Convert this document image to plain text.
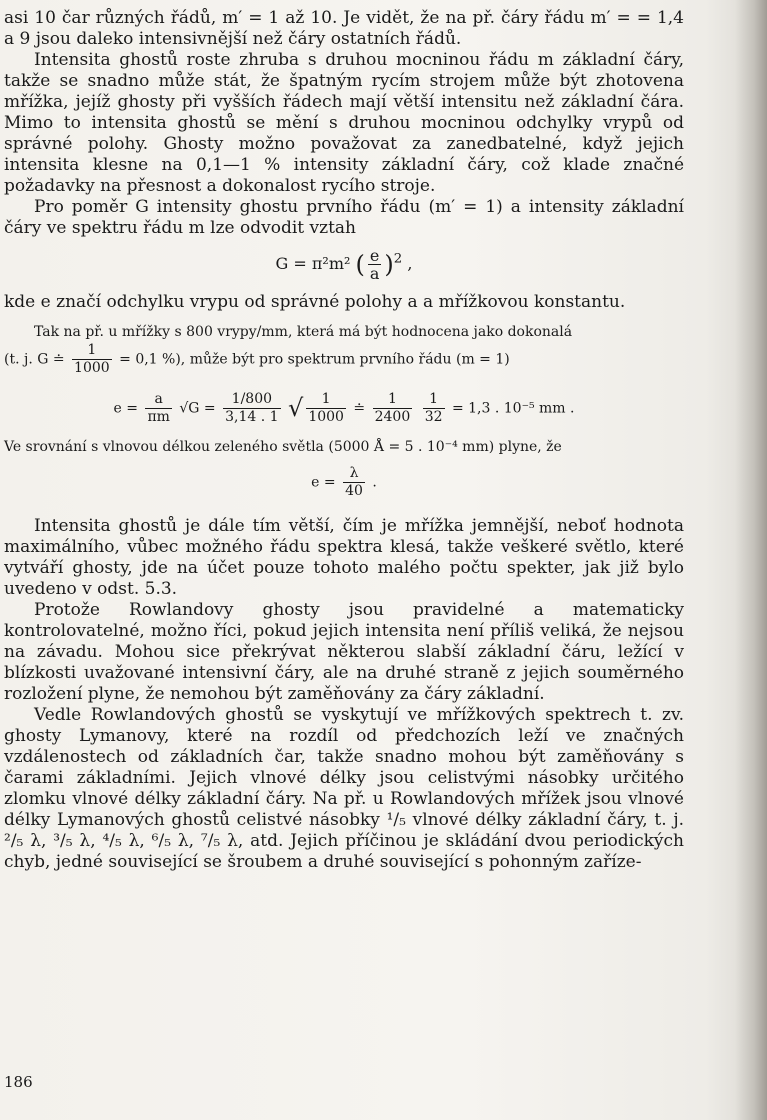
asi 10 čar různých řádů, m′ = 1 až 10. Je vidět, že na př. čáry řádu m′ = = 1,4 a 9 jsou daleko intensivnější než čáry ostatních řádů.

Intensita ghostů roste zhruba s druhou mocninou řádu m základní čáry, takže se snadno může stát, že špatným rycím strojem může být zhotovena mřížka, jejíž ghosty při vyšších řádech mají větší intensitu než základní čára. Mimo to intensita ghostů se mění s druhou mocninou odchylky vrypů od správné polohy. Ghosty možno považovat za zanedbatelné, když jejich intensita klesne na 0,1—1 % intensity základní čáry, což klade značné požadavky na přesnost a dokonalost rycího stroje.

Pro poměr G intensity ghostu prvního řádu (m′ = 1) a intensity základní čáry ve spektru řádu m lze odvodit vztah

G = π²m² ( $\frac{e}{a} )^2$ ,

kde e značí odchylku vrypu od správné polohy a a mřížkovou konstantu.

Tak na př. u mřížky s 800 vrypy/mm, která má být hodnocena jako dokonalá

(t. j. G ≐ $\frac{1}{1000} = 0,1$ %), může být pro spektrum prvního řádu (m = 1)

$e = \frac{a}{\pi m} √G = \frac{1/800}{3,14 . 1}$ √ $\frac{1}{1000}$ ≐ $\frac{1}{2400}$
$\frac{1}{32} = 1,3$ . 10⁻⁵ mm .

Ve srovnání s vlnovou délkou zeleného světla (5000 Å = 5 . 10⁻⁴ mm) plyne, že

$e = \frac{\lambda}{40}$ .

Intensita ghostů je dále tím větší, čím je mřížka jemnější, neboť hodnota maximálního, vůbec možného řádu spektra klesá, takže veškeré světlo, které vytváří ghosty, jde na účet pouze tohoto malého počtu spekter, jak již bylo uvedeno v odst. 5.3.

Protože Rowlandovy ghosty jsou pravidelné a matematicky kontrolovatelné, možno říci, pokud jejich intensita není příliš veliká, že nejsou na závadu. Mohou sice překrývat některou slabší základní čáru, ležící v blízkosti uvažované intensivní čáry, ale na druhé straně z jejich souměrného rozložení plyne, že nemohou být zaměňovány za čáry základní.

Vedle Rowlandových ghostů se vyskytují ve mřížkových spektrech t. zv. ghosty Lymanovy, které na rozdíl od předchozích leží ve značných vzdálenostech od základních čar, takže snadno mohou být zaměňovány s čarami základními. Jejich vlnové délky jsou celistvými násobky určitého zlomku vlnové délky základní čáry. Na př. u Rowlandových mřížek jsou vlnové délky Lymanových ghostů celistvé násobky ¹/₅ vlnové délky základní čáry, t. j. ²/₅ λ, ³/₅ λ, ⁴/₅ λ, ⁶/₅ λ, ⁷/₅ λ, atd. Jejich příčinou je skládání dvou periodických chyb, jedné související se šroubem a druhé související s pohonným zaříze-

186
